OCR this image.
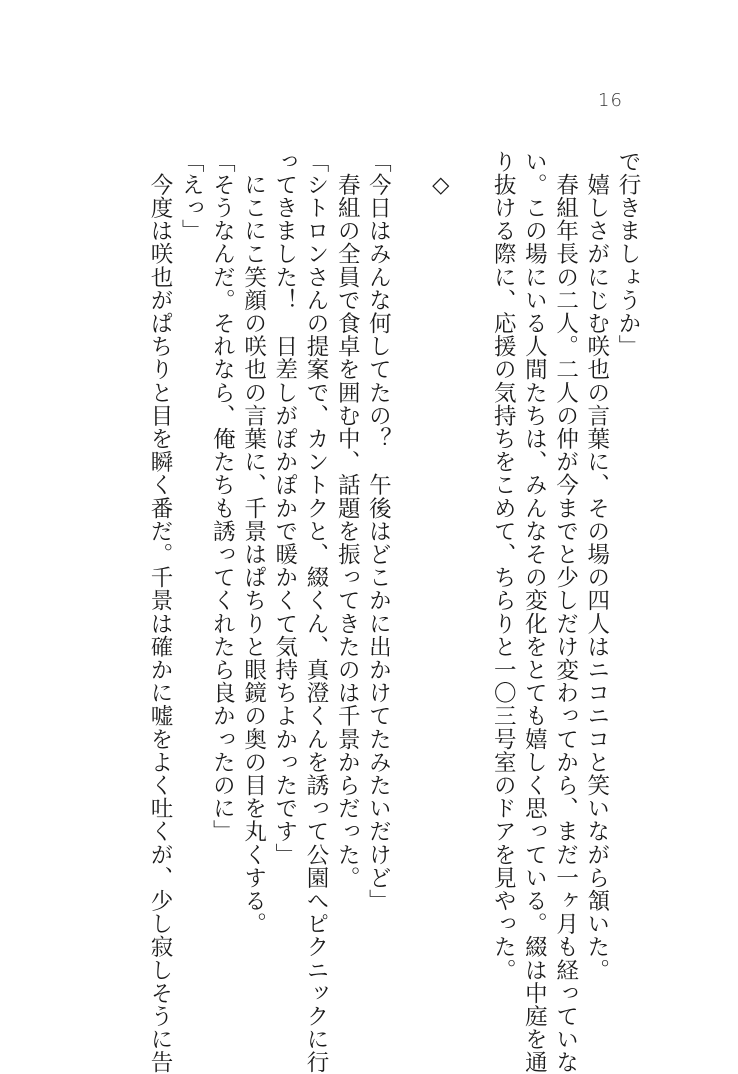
16

で行きましょうか」

　嬉しさがにじむ咲也の言葉に、その場の四人はニコニコと笑いながら頷いた。

　春組年長の二人。二人の仲が今までと少しだけ変わってから、まだ一ヶ月も経っていな

い。この場にいる人間たちは、みんなその変化をとても嬉しく思っている。綴は中庭を通

り抜ける際に、応援の気持ちをこめて、ちらりと一〇三号室のドアを見やった。

◇

「今日はみんな何してたの？　午後はどこかに出かけてたみたいだけど」

　春組の全員で食卓を囲む中、話題を振ってきたのは千景からだった。

「シトロンさんの提案で、カントクと、綴くん、真澄くんを誘って公園へピクニックに行

ってきました！　日差しがぽかぽかで暖かくて気持ちよかったです」

　にこにこ笑顔の咲也の言葉に、千景はぱちりと眼鏡の奥の目を丸くする。

「そうなんだ。それなら、俺たちも誘ってくれたら良かったのに」

「えっ」

　今度は咲也がぱちりと目を瞬く番だ。千景は確かに嘘をよく吐くが、少し寂しそうに告
